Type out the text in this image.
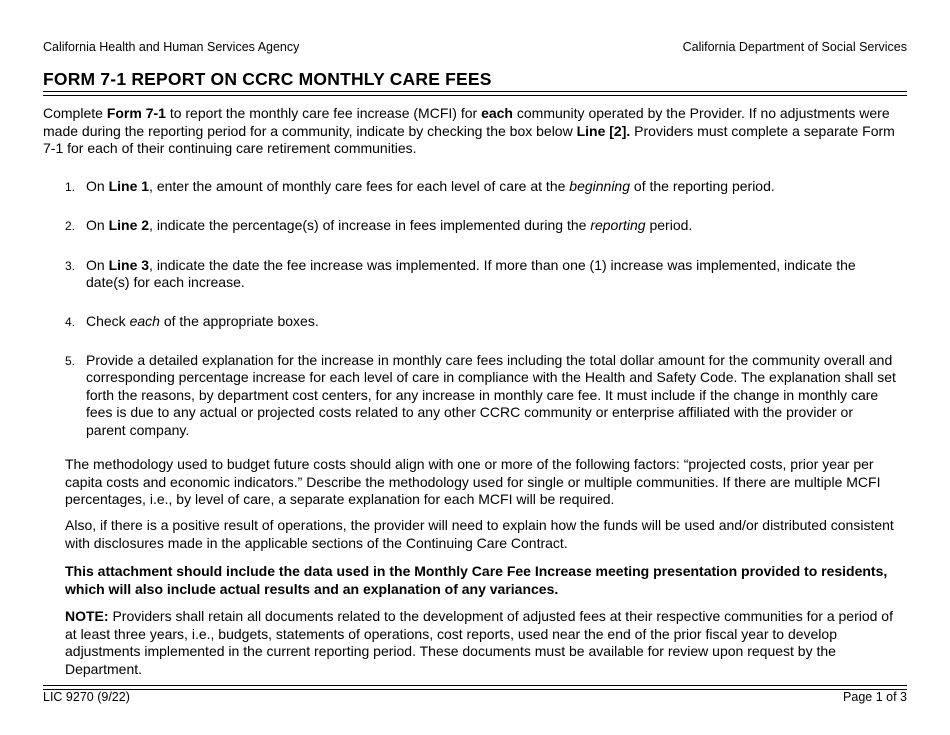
California Health and Human Services Agency	California Department of Social Services
FORM 7-1 REPORT ON CCRC MONTHLY CARE FEES
Complete Form 7-1 to report the monthly care fee increase (MCFI) for each community operated by the Provider. If no adjustments were made during the reporting period for a community, indicate by checking the box below Line [2]. Providers must complete a separate Form 7-1 for each of their continuing care retirement communities.
1. On Line 1, enter the amount of monthly care fees for each level of care at the beginning of the reporting period.
2. On Line 2, indicate the percentage(s) of increase in fees implemented during the reporting period.
3. On Line 3, indicate the date the fee increase was implemented. If more than one (1) increase was implemented, indicate the date(s) for each increase.
4. Check each of the appropriate boxes.
5. Provide a detailed explanation for the increase in monthly care fees including the total dollar amount for the community overall and corresponding percentage increase for each level of care in compliance with the Health and Safety Code. The explanation shall set forth the reasons, by department cost centers, for any increase in monthly care fee. It must include if the change in monthly care fees is due to any actual or projected costs related to any other CCRC community or enterprise affiliated with the provider or parent company.
The methodology used to budget future costs should align with one or more of the following factors: “projected costs, prior year per capita costs and economic indicators.” Describe the methodology used for single or multiple communities. If there are multiple MCFI percentages, i.e., by level of care, a separate explanation for each MCFI will be required.
Also, if there is a positive result of operations, the provider will need to explain how the funds will be used and/or distributed consistent with disclosures made in the applicable sections of the Continuing Care Contract.
This attachment should include the data used in the Monthly Care Fee Increase meeting presentation provided to residents, which will also include actual results and an explanation of any variances.
NOTE: Providers shall retain all documents related to the development of adjusted fees at their respective communities for a period of at least three years, i.e., budgets, statements of operations, cost reports, used near the end of the prior fiscal year to develop adjustments implemented in the current reporting period. These documents must be available for review upon request by the Department.
LIC 9270 (9/22)	Page 1 of 3
